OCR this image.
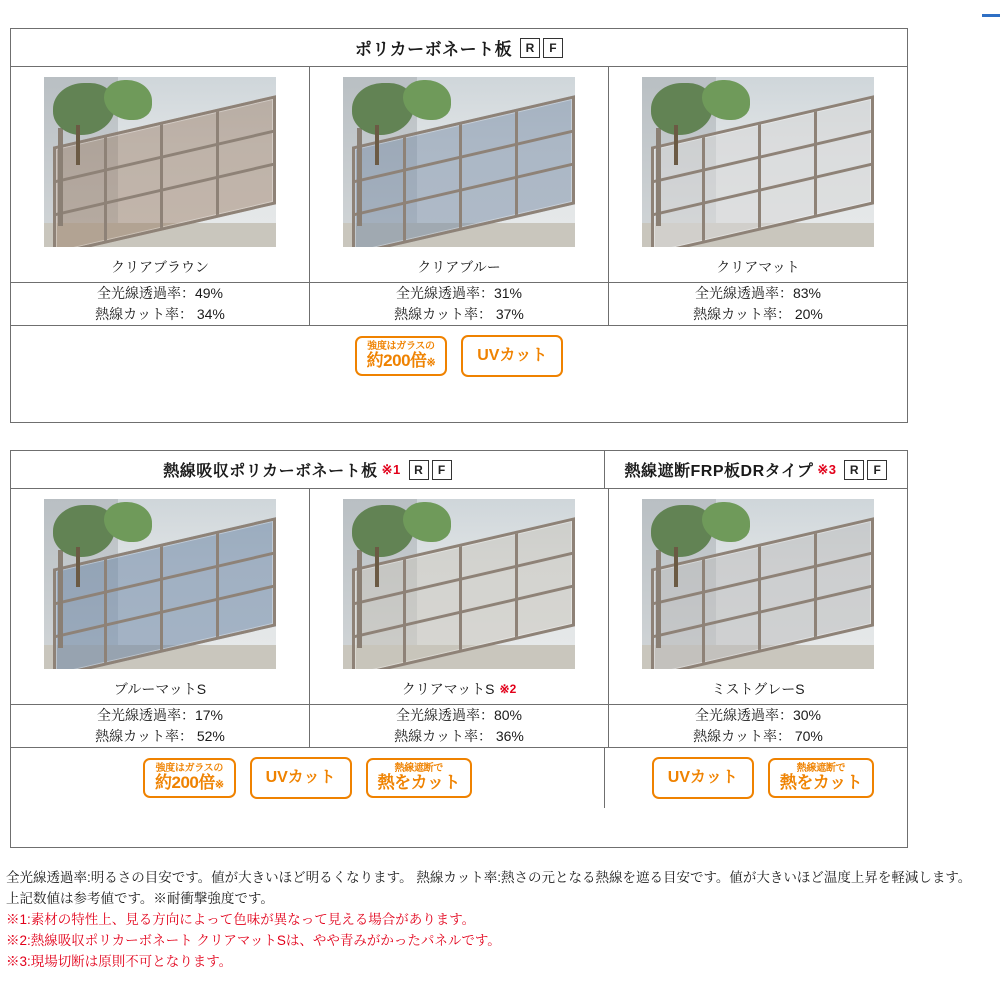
ポリカーボネート板	R	F
クリアブラウン
全光線透過率：49%
熱線カット率： 34%
クリアブルー
全光線透過率：31%
熱線カット率： 37%
クリアマット
全光線透過率：83%
熱線カット率： 20%
強度はガラスの
約200倍※	UVカット
熱線吸収ポリカーボネート板 ※1	R	F	熱線遮断FRP板DRタイプ ※3	R	F
ブルーマットS
全光線透過率：17%
熱線カット率： 52%
クリアマットS ※2
全光線透過率：80%
熱線カット率： 36%
ミストグレーS
全光線透過率：30%
熱線カット率： 70%
強度はガラスの
約200倍※	UVカット
熱線遮断で
熱をカット	UVカット
熱線遮断で
熱をカット
全光線透過率:明るさの目安です。値が大きいほど明るくなります。 熱線カット率:熱さの元となる熱線を遮る目安です。値が大きいほど温度上昇を軽減します。
上記数値は参考値です。※耐衝撃強度です。
※1:素材の特性上、見る方向によって色味が異なって見える場合があります。
※2:熱線吸収ポリカーボネート クリアマットSは、やや青みがかったパネルです。
※3:現場切断は原則不可となります。
